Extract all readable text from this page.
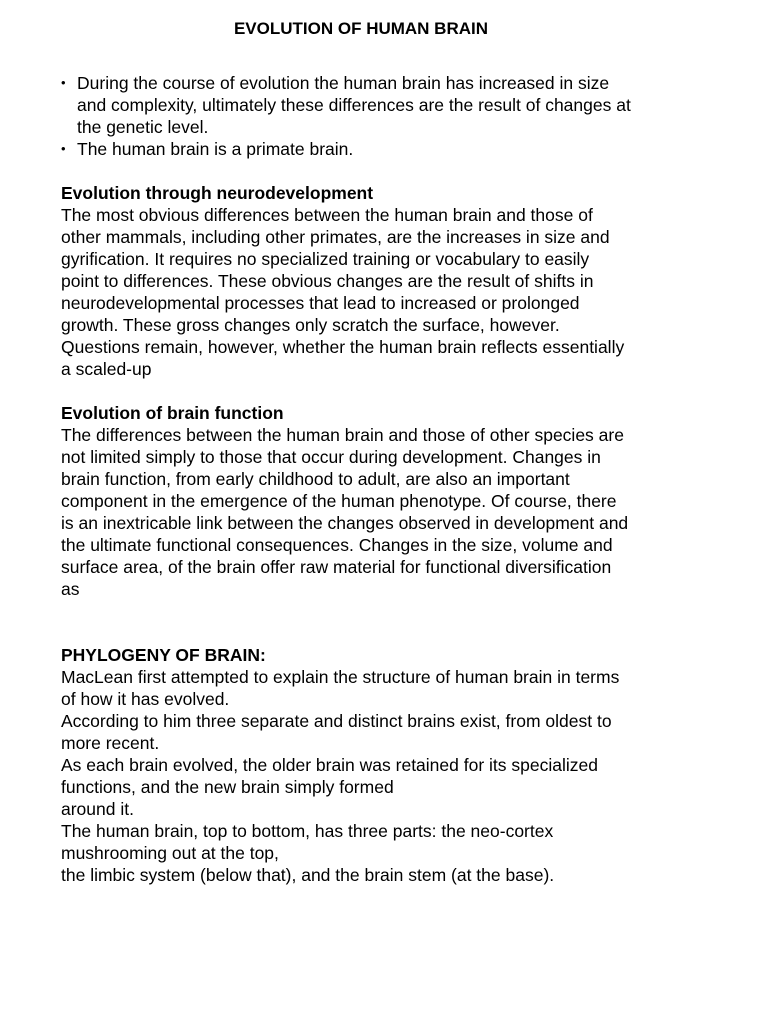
EVOLUTION OF HUMAN BRAIN
• During the course of evolution the human brain has increased in size and complexity, ultimately these differences are the result of changes at the genetic level.
• The human brain is a primate brain.

Evolution through neurodevelopment

The most obvious differences between the human brain and those of other mammals, including other primates, are the increases in size and gyrification. It requires no specialized training or vocabulary to easily point to differences. These obvious changes are the result of shifts in neurodevelopmental processes that lead to increased or prolonged growth. These gross changes only scratch the surface, however. Questions remain, however, whether the human brain reflects essentially a scaled-up

Evolution of brain function

The differences between the human brain and those of other species are not limited simply to those that occur during development. Changes in brain function, from early childhood to adult, are also an important component in the emergence of the human phenotype. Of course, there is an inextricable link between the changes observed in development and the ultimate functional consequences. Changes in the size, volume and surface area, of the brain offer raw material for functional diversification as

PHYLOGENY OF BRAIN:

MacLean first attempted to explain the structure of human brain in terms of how it has evolved.
According to him three separate and distinct brains exist, from oldest to more recent.
As each brain evolved, the older brain was retained for its specialized functions, and the new brain simply formed
around it.
The human brain, top to bottom, has three parts: the neo-cortex mushrooming out at the top,
the limbic system (below that), and the brain stem (at the base).
